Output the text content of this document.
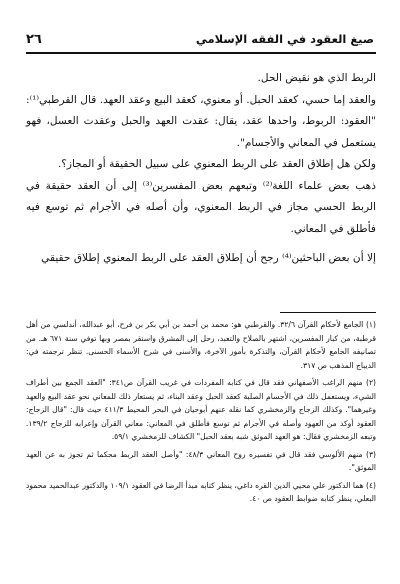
٢٦	صيغ العقود في الفقه الإسلامي

الربط الذي هو نقيض الحل.

والعقد إما حسي، كعقد الحبل. أو معنوي، كعقد البيع وعقد العهد. قال القرطبي⁽¹⁾: "العقود: الربوط، واحدها عقد، يقال: عقدت العهد والحبل وعقدت العسل، فهو يستعمل في المعاني والأجسام".

ولكن هل إطلاق العقد على الربط المعنوي على سبيل الحقيقة أو المجاز؟.

ذهب بعض علماء اللغة⁽²⁾ وتبعهم بعض المفسرين⁽³⁾ إلى أن العقد حقيقة في الربط الحسي مجاز في الربط المعنوي، وأن أصله في الأجرام ثم توسع فيه فأطلق في المعاني.

إلا أن بعض الباحثين⁽⁴⁾ رجح أن إطلاق العقد على الربط المعنوي إطلاق حقيقي

(١) الجامع لأحكام القرآن ٣٢/٦. والقرطبي هو: محمد بن أحمد بن أبي بكر بن فرح، أبو عبدالله، أندلسي من أهل قرطبة، من كبار المفسرين، اشتهر بالصلاح والتعبد، رحل إلى المشرق واستقر بمصر وبها توفي سنة ٦٧١ هـ. من تصانيفه الجامع لأحكام القرآن، والتذكرة بأمور الآخرة، والأسنى في شرح الأسماء الحسنى. تنظر ترجمته في: الديباج المذهب ص ٣١٧.

(٢) منهم الراغب الأصفهاني فقد قال في كتابه المفردات في غريب القرآن ص٣٤١: "العقد الجمع بين أطراف الشيء، ويستعمل ذلك في الأجسام الصلبة كعقد الحبل وعقد البناء، ثم يستعار ذلك للمعاني نحو عقد البيع والعهد وغيرهما". وكذلك الزجاج والزمخشري كما نقله عنهم أبوحيان في البحر المحيط ٤١١/٣ حيث قال: "قال الزجاج: العقود أوكد من العهود وأصله في الأجرام ثم توسع فأطلق في المعاني: معاني القرآن وإعرابه للزجاج ١٣٩/٢. وتبعه الزمخشري فقال: هو العهد الموثق شبه بعقد الحبل" الكشاف للزمخشري ٥٩/١.

(٣) منهم الألوسي فقد قال في تفسيره روح المعاني ٤٨/٣: "وأصل العقد الربط محكما ثم تجوز به عن العهد الموثق".

(٤) هما الدكتور علي محيي الدين القره داغي، ينظر كتابه مبدأ الرضا في العقود ١٠٩/١ والدكتور عبدالحميد محمود البعلي، ينظر كتابه ضوابط العقود ص ٤٠.
